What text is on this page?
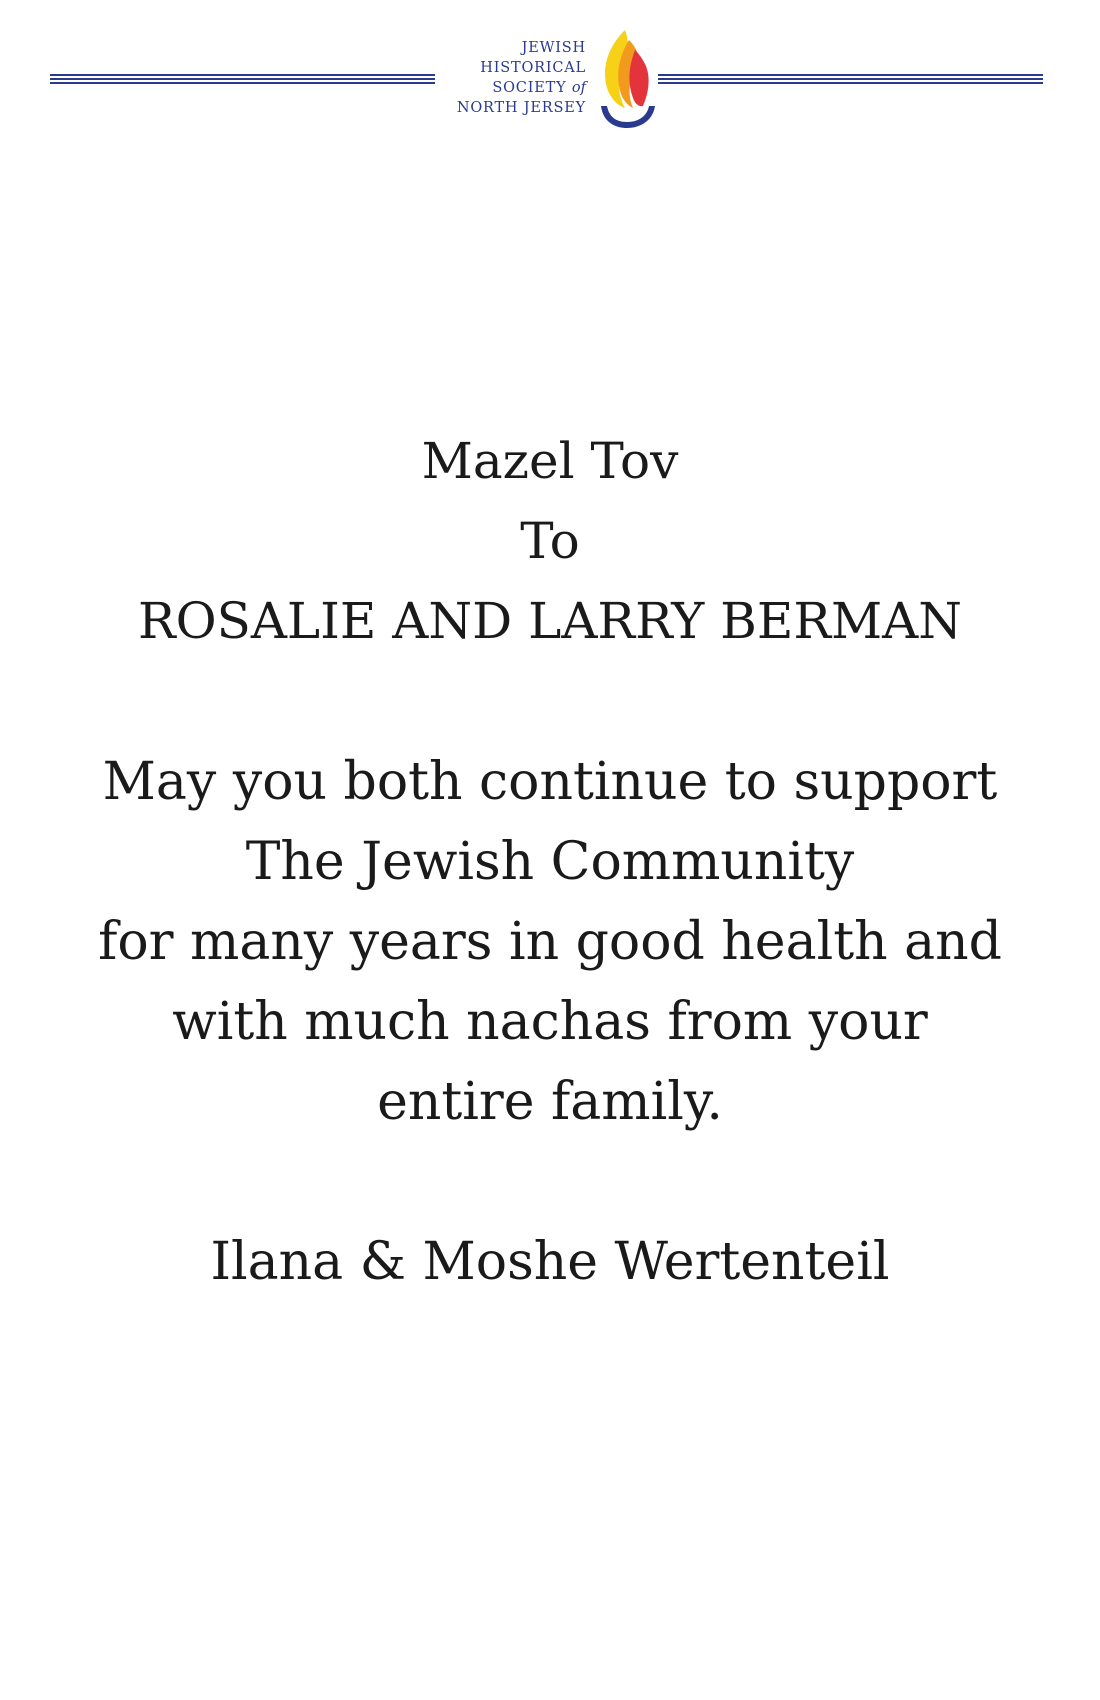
JEWISH
HISTORICAL
SOCIETY of
NORTH JERSEY
Mazel Tov
To
ROSALIE AND LARRY BERMAN
May you both continue to support
The Jewish Community
for many years in good health and
with much nachas from your
entire family.
Ilana & Moshe Wertenteil
